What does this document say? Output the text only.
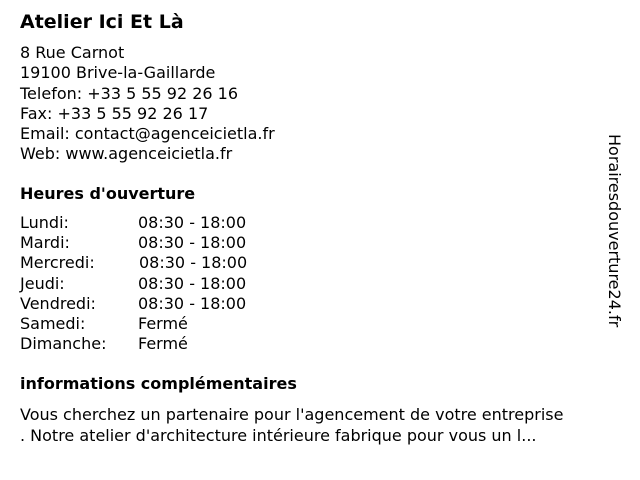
Atelier Ici Et Là
8 Rue Carnot
19100 Brive-la-Gaillarde
Telefon: +33 5 55 92 26 16
Fax: +33 5 55 92 26 17
Email: contact@agenceicietla.fr
Web: www.agenceicietla.fr
Heures d'ouverture
Lundi:	08:30 - 18:00
Mardi:	08:30 - 18:00
Mercredi:	08:30 - 18:00
Jeudi:	08:30 - 18:00
Vendredi:	08:30 - 18:00
Samedi:	Fermé
Dimanche: Fermé
informations complémentaires
Vous cherchez un partenaire pour l'agencement de votre entreprise
. Notre atelier d'architecture intérieure fabrique pour vous un l...
Horairesdouverture24.fr
